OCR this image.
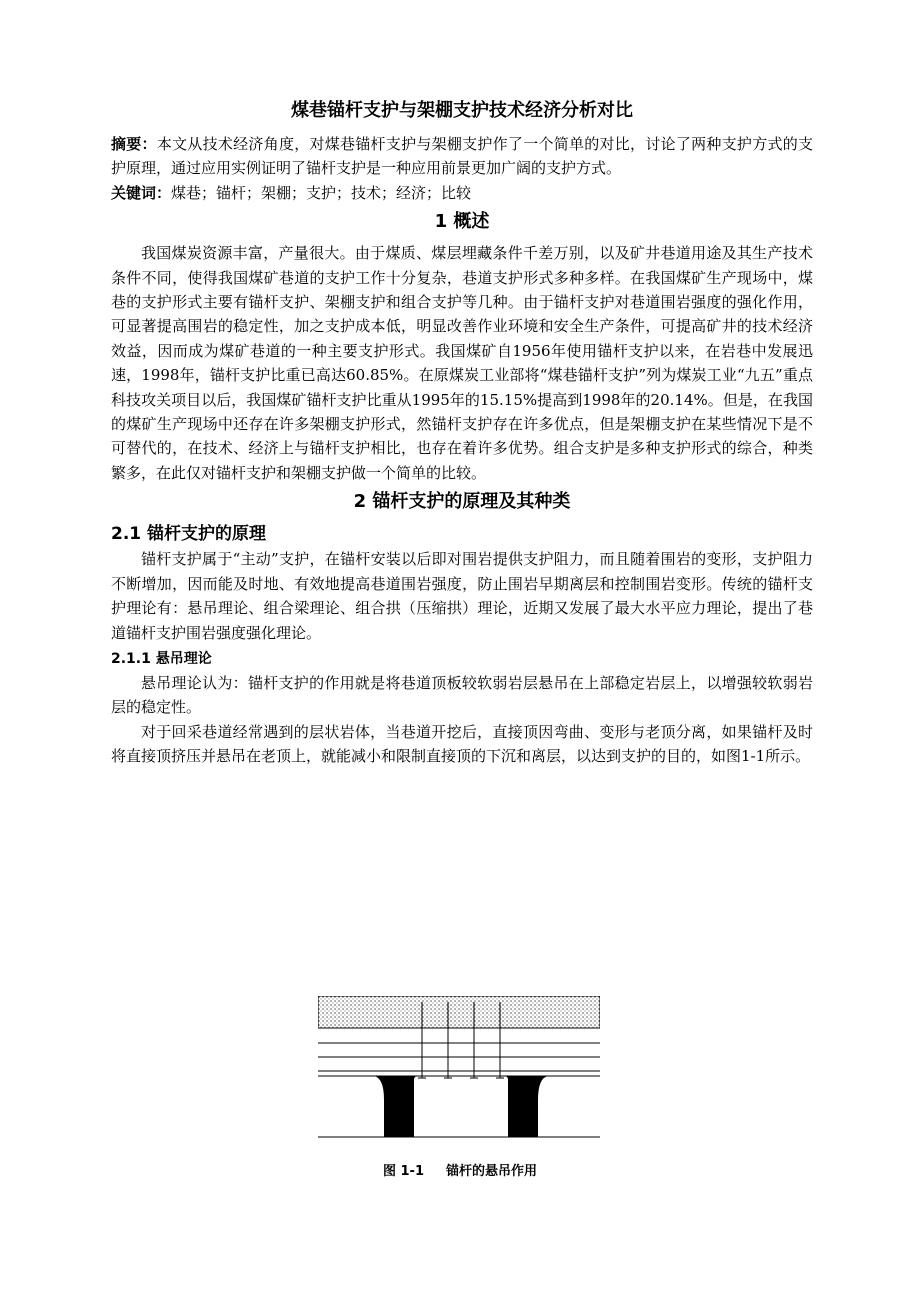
煤巷锚杆支护与架棚支护技术经济分析对比

摘要：本文从技术经济角度，对煤巷锚杆支护与架棚支护作了一个简单的对比，讨论了两种支护方式的支护原理，通过应用实例证明了锚杆支护是一种应用前景更加广阔的支护方式。

关键词：煤巷；锚杆；架棚；支护；技术；经济；比较

1 概述

我国煤炭资源丰富，产量很大。由于煤质、煤层埋藏条件千差万别，以及矿井巷道用途及其生产技术条件不同，使得我国煤矿巷道的支护工作十分复杂，巷道支护形式多种多样。在我国煤矿生产现场中，煤巷的支护形式主要有锚杆支护、架棚支护和组合支护等几种。由于锚杆支护对巷道围岩强度的强化作用，可显著提高围岩的稳定性，加之支护成本低，明显改善作业环境和安全生产条件，可提高矿井的技术经济效益，因而成为煤矿巷道的一种主要支护形式。我国煤矿自1956年使用锚杆支护以来，在岩巷中发展迅速，1998年，锚杆支护比重已高达60.85%。在原煤炭工业部将“煤巷锚杆支护”列为煤炭工业“九五”重点科技攻关项目以后，我国煤矿锚杆支护比重从1995年的15.15%提高到1998年的20.14%。但是，在我国的煤矿生产现场中还存在许多架棚支护形式，然锚杆支护存在许多优点，但是架棚支护在某些情况下是不可替代的，在技术、经济上与锚杆支护相比，也存在着许多优势。组合支护是多种支护形式的综合，种类繁多，在此仅对锚杆支护和架棚支护做一个简单的比较。

2 锚杆支护的原理及其种类
2.1 锚杆支护的原理

锚杆支护属于“主动”支护，在锚杆安装以后即对围岩提供支护阻力，而且随着围岩的变形，支护阻力不断增加，因而能及时地、有效地提高巷道围岩强度，防止围岩早期离层和控制围岩变形。传统的锚杆支护理论有：悬吊理论、组合梁理论、组合拱（压缩拱）理论，近期又发展了最大水平应力理论，提出了巷道锚杆支护围岩强度强化理论。

2.1.1 悬吊理论

悬吊理论认为：锚杆支护的作用就是将巷道顶板较软弱岩层悬吊在上部稳定岩层上，以增强较软弱岩层的稳定性。

对于回采巷道经常遇到的层状岩体，当巷道开挖后，直接顶因弯曲、变形与老顶分离，如果锚杆及时将直接顶挤压并悬吊在老顶上，就能减小和限制直接顶的下沉和离层，以达到支护的目的，如图1-1所示。

图 1-1 锚杆的悬吊作用
